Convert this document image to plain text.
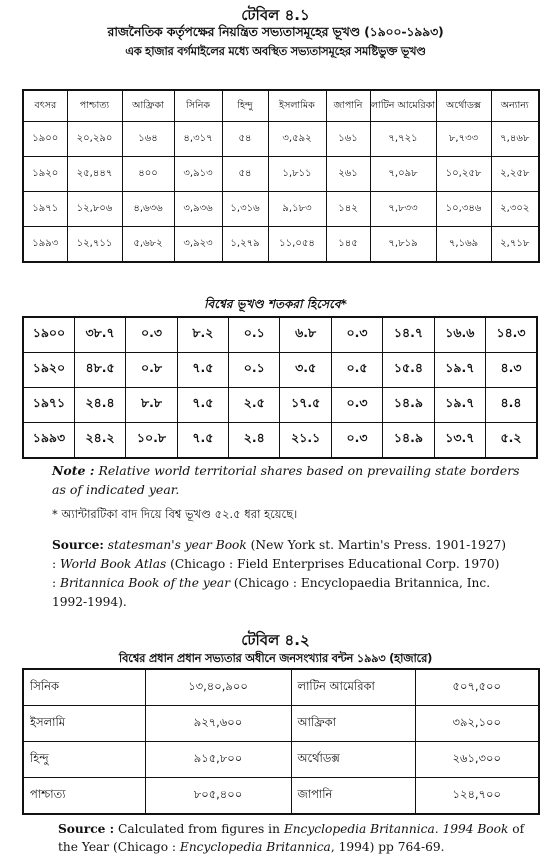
টেবিল ৪.১
রাজনৈতিক কর্তৃপক্ষের নিয়ন্ত্রিত সভ্যতাসমূহের ভূখণ্ড (১৯০০-১৯৯৩)
এক হাজার বর্গমাইলের মধ্যে অবস্থিত সভ্যতাসমূহের সমষ্টিভুক্ত ভূখণ্ড
বৎসর	পাশ্চাত্য	আফ্রিকা	সিনিক	হিন্দু	ইসলামিক	জাপানি	লাটিন আমেরিকা	অর্থোডক্স	অন্যান্য
১৯০০	২০,২৯০	১৬৪	৪,৩১৭	৫৪	৩,৫৯২	১৬১	৭,৭২১	৮,৭৩৩	৭,৪৬৮
১৯২০	২৫,৪৪৭	৪০০	৩,৯১৩	৫৪	১,৮১১	২৬১	৭,০৯৮	১০,২৫৮	২,২৫৮
১৯৭১	১২,৮০৬	৪,৬৩৬	৩,৯৩৬	১,৩১৬	৯,১৮৩	১৪২	৭,৮৩৩	১০,৩৪৬	২,৩০২
১৯৯৩	১২,৭১১	৫,৬৮২	৩,৯২৩	১,২৭৯	১১,০৫৪	১৪৫	৭,৮১৯	৭,১৬৯	২,৭১৮
বিশ্বের ভূখণ্ড শতকরা হিসেবে*
১৯০০	৩৮.৭	০.৩	৮.২	০.১	৬.৮	০.৩	১৪.৭	১৬.৬	১৪.৩
১৯২০	৪৮.৫	০.৮	৭.৫	০.১	৩.৫	০.৫	১৫.৪	১৯.৭	৪.৩
১৯৭১	২৪.৪	৮.৮	৭.৫	২.৫	১৭.৫	০.৩	১৪.৯	১৯.৭	৪.৪
১৯৯৩	২৪.২	১০.৮	৭.৫	২.৪	২১.১	০.৩	১৪.৯	১৩.৭	৫.২
Note : Relative world territorial shares based on prevailing state borders as of indicated year.
* অ্যান্টারটিকা বাদ দিয়ে বিশ্ব ভূখণ্ড ৫২.৫ ধরা হয়েছে।
Source: statesman's year Book (New York st. Martin's Press. 1901-1927)
: World Book Atlas (Chicago : Field Enterprises Educational Corp. 1970)
: Britannica Book of the year (Chicago : Encyclopaedia Britannica, Inc. 1992-1994).
টেবিল ৪.২
বিশ্বের প্রধান প্রধান সভ্যতার অধীনে জনসংখ্যার বন্টন ১৯৯৩ (হাজারে)
সিনিক	১৩,৪০,৯০০	লাটিন আমেরিকা	৫০৭,৫০০
ইসলামি	৯২৭,৬০০	আফ্রিকা	৩৯২,১০০
হিন্দু	৯১৫,৮০০	অর্থোডক্স	২৬১,৩০০
পাশ্চাত্য	৮০৫,৪০০	জাপানি	১২৪,৭০০
Source : Calculated from figures in Encyclopedia Britannica. 1994 Book of the Year (Chicago : Encyclopedia Britannica, 1994) pp 764-69.
